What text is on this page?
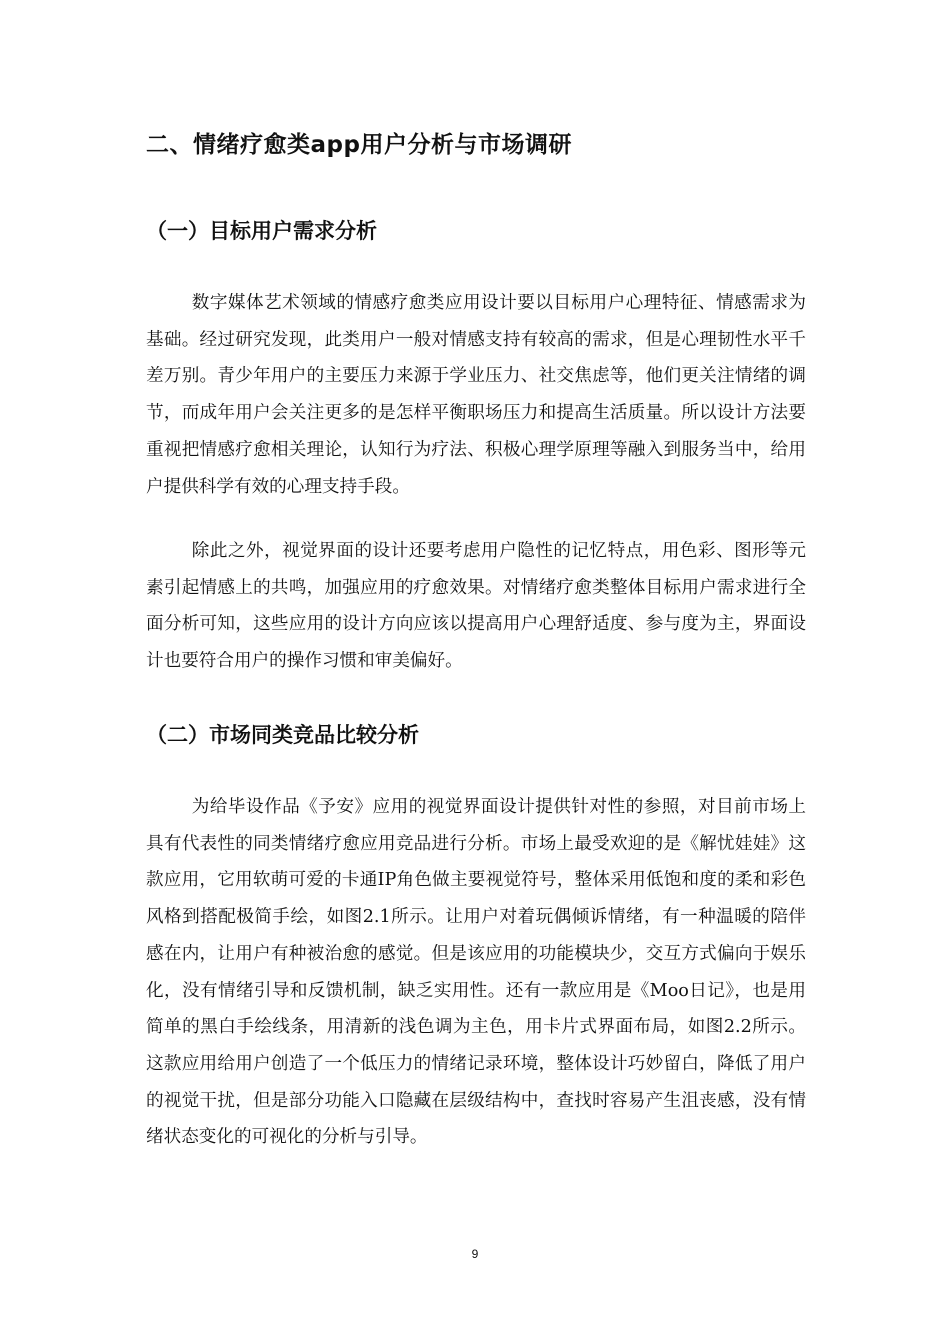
二、情绪疗愈类app用户分析与市场调研
（一）目标用户需求分析

数字媒体艺术领域的情感疗愈类应用设计要以目标用户心理特征、情感需求为基础。经过研究发现，此类用户一般对情感支持有较高的需求，但是心理韧性水平千差万别。青少年用户的主要压力来源于学业压力、社交焦虑等，他们更关注情绪的调节，而成年用户会关注更多的是怎样平衡职场压力和提高生活质量。所以设计方法要重视把情感疗愈相关理论，认知行为疗法、积极心理学原理等融入到服务当中，给用户提供科学有效的心理支持手段。

除此之外，视觉界面的设计还要考虑用户隐性的记忆特点，用色彩、图形等元素引起情感上的共鸣，加强应用的疗愈效果。对情绪疗愈类整体目标用户需求进行全面分析可知，这些应用的设计方向应该以提高用户心理舒适度、参与度为主，界面设计也要符合用户的操作习惯和审美偏好。

（二）市场同类竞品比较分析

为给毕设作品《予安》应用的视觉界面设计提供针对性的参照，对目前市场上具有代表性的同类情绪疗愈应用竞品进行分析。市场上最受欢迎的是《解忧娃娃》这款应用，它用软萌可爱的卡通IP角色做主要视觉符号，整体采用低饱和度的柔和彩色风格到搭配极简手绘，如图2.1所示。让用户对着玩偶倾诉情绪，有一种温暖的陪伴感在内，让用户有种被治愈的感觉。但是该应用的功能模块少，交互方式偏向于娱乐化，没有情绪引导和反馈机制，缺乏实用性。还有一款应用是《Moo日记》，也是用简单的黑白手绘线条，用清新的浅色调为主色，用卡片式界面布局，如图2.2所示。这款应用给用户创造了一个低压力的情绪记录环境，整体设计巧妙留白，降低了用户的视觉干扰，但是部分功能入口隐藏在层级结构中，查找时容易产生沮丧感，没有情绪状态变化的可视化的分析与引导。

9
